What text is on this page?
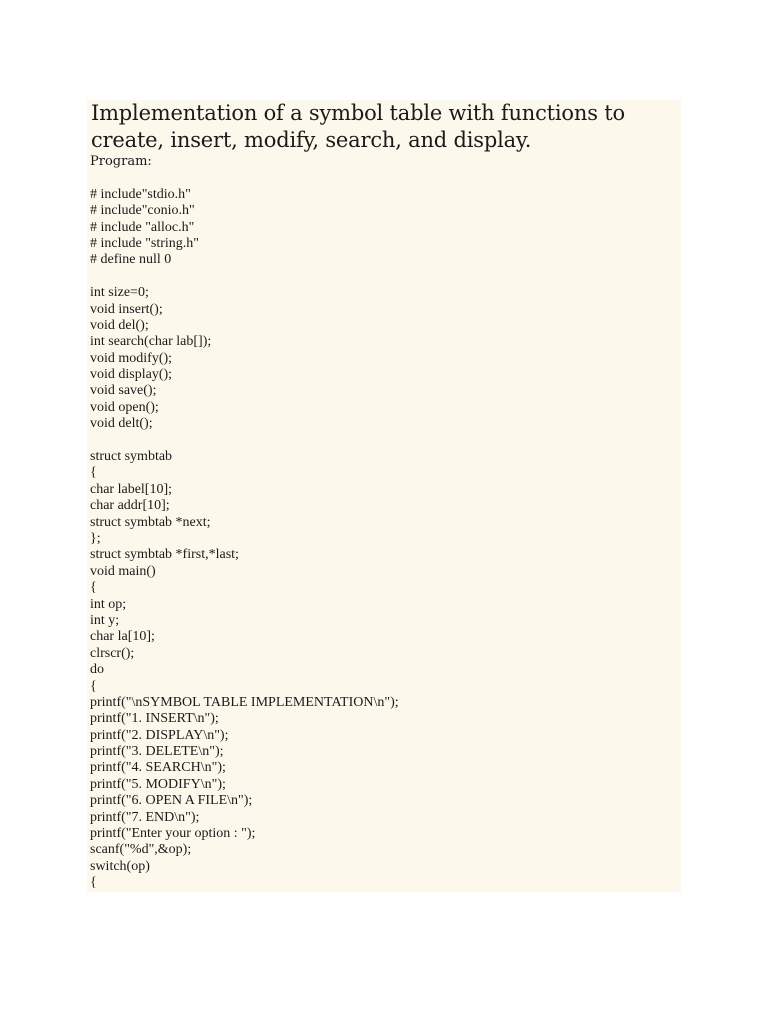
Implementation of a symbol table with functions to create, insert, modify, search, and display.
Program:
# include"stdio.h"
# include"conio.h"
# include "alloc.h"
# include "string.h"
# define null 0
int size=0;
void insert();
void del();
int search(char lab[]);
void modify();
void display();
void save();
void open();
void delt();
struct symbtab
{
char label[10];
char addr[10];
struct symbtab *next;
};
struct symbtab *first,*last;
void main()
{
int op;
int y;
char la[10];
clrscr();
do
{
printf("\nSYMBOL TABLE IMPLEMENTATION\n");
printf("1. INSERT\n");
printf("2. DISPLAY\n");
printf("3. DELETE\n");
printf("4. SEARCH\n");
printf("5. MODIFY\n");
printf("6. OPEN A FILE\n");
printf("7. END\n");
printf("Enter your option : ");
scanf("%d",&op);
switch(op)
{
